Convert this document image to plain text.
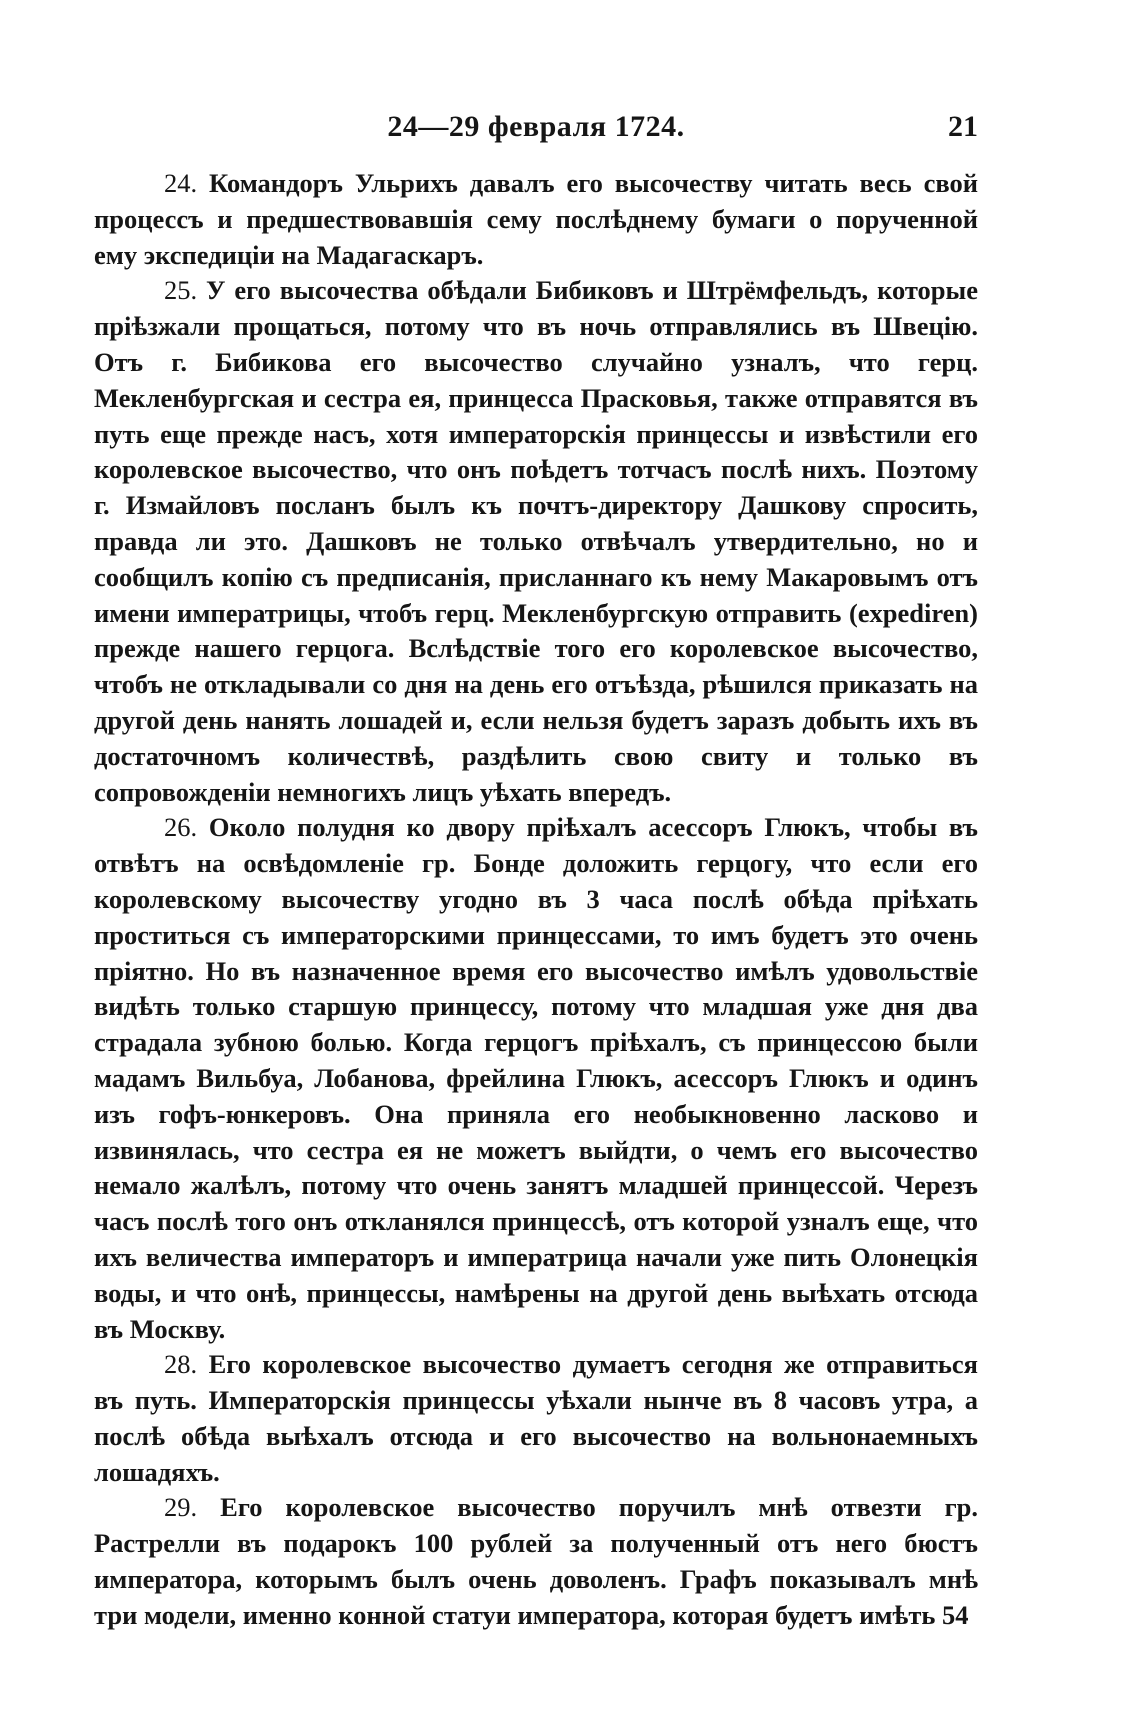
24—29 февраля 1724.	21

24. Командоръ Ульрихъ давалъ его высочеству читать весь свой процессъ и предшествовавшія сему послѣднему бумаги о порученной ему экспедиціи на Мадагаскаръ.

25. У его высочества обѣдали Бибиковъ и Штрёмфельдъ, которые пріѣзжали прощаться, потому что въ ночь отправлялись въ Швецію. Отъ г. Бибикова его высочество случайно узналъ, что герц. Мекленбургская и сестра ея, принцесса Прасковья, также отправятся въ путь еще прежде насъ, хотя императорскія принцессы и извѣстили его королевское высочество, что онъ поѣдетъ тотчасъ послѣ нихъ. Поэтому г. Измайловъ посланъ былъ къ почтъ-директору Дашкову спросить, правда ли это. Дашковъ не только отвѣчалъ утвердительно, но и сообщилъ копію съ предписанія, присланнаго къ нему Макаровымъ отъ имени императрицы, чтобъ герц. Мекленбургскую отправить (expediren) прежде нашего герцога. Вслѣдствіе того его королевское высочество, чтобъ не откладывали со дня на день его отъѣзда, рѣшился приказать на другой день нанять лошадей и, если нельзя будетъ заразъ добыть ихъ въ достаточномъ количествѣ, раздѣлить свою свиту и только въ сопровожденіи немногихъ лицъ уѣхать впередъ.

26. Около полудня ко двору пріѣхалъ асессоръ Глюкъ, чтобы въ отвѣтъ на освѣдомленіе гр. Бонде доложить герцогу, что если его королевскому высочеству угодно въ 3 часа послѣ обѣда пріѣхать проститься съ императорскими принцессами, то имъ будетъ это очень пріятно. Но въ назначенное время его высочество имѣлъ удовольствіе видѣть только старшую принцессу, потому что младшая уже дня два страдала зубною болью. Когда герцогъ пріѣхалъ, съ принцессою были мадамъ Вильбуа, Лобанова, фрейлина Глюкъ, асессоръ Глюкъ и одинъ изъ гофъ-юнкеровъ. Она приняла его необыкновенно ласково и извинялась, что сестра ея не можетъ выйдти, о чемъ его высочество немало жалѣлъ, потому что очень занятъ младшей принцессой. Черезъ часъ послѣ того онъ откланялся принцессѣ, отъ которой узналъ еще, что ихъ величества императоръ и императрица начали уже пить Олонецкія воды, и что онѣ, принцессы, намѣрены на другой день выѣхать отсюда въ Москву.

28. Его королевское высочество думаетъ сегодня же отправиться въ путь. Императорскія принцессы уѣхали нынче въ 8 часовъ утра, а послѣ обѣда выѣхалъ отсюда и его высочество на вольнонаемныхъ лошадяхъ.

29. Его королевское высочество поручилъ мнѣ отвезти гр. Растрелли въ подарокъ 100 рублей за полученный отъ него бюстъ императора, которымъ былъ очень доволенъ. Графъ показывалъ мнѣ три модели, именно конной статуи императора, которая будетъ имѣть 54
